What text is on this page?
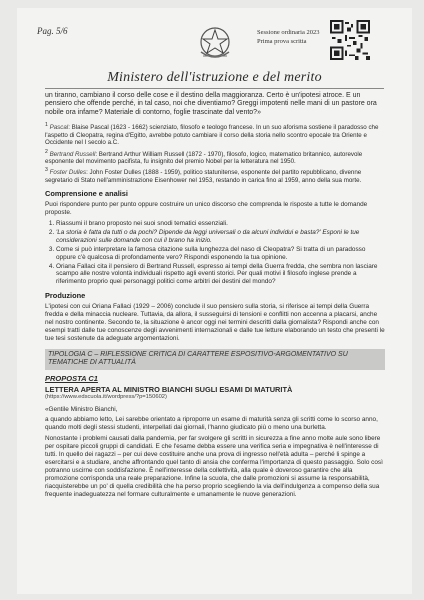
Pag. 5/6	Sessione ordinaria 2023
Prima prova scritta
Ministero dell'istruzione e del merito

un tiranno, cambiano il corso delle cose e il destino della maggioranza. Certo è un'ipotesi atroce. E un pensiero che offende perché, in tal caso, noi che diventiamo? Greggi impotenti nelle mani di un pastore ora nobile ora infame? Materiale di contorno, foglie trascinate dal vento?»

$^1$ Pascal: Blaise Pascal (1623 - 1662) scienziato, filosofo e teologo francese. In un suo aforisma sostiene il paradosso che l'aspetto di Cleopatra, regina d'Egitto, avrebbe potuto cambiare il corso della storia nello scontro epocale tra Oriente e Occidente nel I secolo a.C.

$^2$ Bertrand Russell: Bertrand Arthur William Russell (1872 - 1970), filosofo, logico, matematico britannico, autorevole esponente del movimento pacifista, fu insignito del premio Nobel per la letteratura nel 1950.

$^3$ Foster Dulles: John Foster Dulles (1888 - 1959), politico statunitense, esponente del partito repubblicano, divenne segretario di Stato nell'amministrazione Eisenhower nel 1953, restando in carica fino al 1959, anno della sua morte.

Comprensione e analisi

Puoi rispondere punto per punto oppure costruire un unico discorso che comprenda le risposte a tutte le domande proposte.

1. Riassumi il brano proposto nei suoi snodi tematici essenziali.
2. 'La storia è fatta da tutti o da pochi? Dipende da leggi universali o da alcuni individui e basta?' Esponi le tue considerazioni sulle domande con cui il brano ha inizio.
3. Come si può interpretare la famosa citazione sulla lunghezza del naso di Cleopatra? Si tratta di un paradosso oppure c'è qualcosa di profondamente vero? Rispondi esponendo la tua opinione.
4. Oriana Fallaci cita il pensiero di Bertrand Russell, espresso ai tempi della Guerra fredda, che sembra non lasciare scampo alle nostre volontà individuali rispetto agli eventi storici. Per quali motivi il filosofo inglese prende a riferimento proprio quei personaggi politici come arbitri dei destini del mondo?

Produzione

L'ipotesi con cui Oriana Fallaci (1929 – 2006) conclude il suo pensiero sulla storia, si riferisce ai tempi della Guerra fredda e della minaccia nucleare. Tuttavia, da allora, il susseguirsi di tensioni e conflitti non accenna a placarsi, anche nel nostro continente. Secondo te, la situazione è ancor oggi nei termini descritti dalla giornalista? Rispondi anche con esempi tratti dalle tue conoscenze degli avvenimenti internazionali e dalle tue letture elaborando un testo che presenti le tue tesi sostenute da adeguate argomentazioni.

TIPOLOGIA C – RIFLESSIONE CRITICA DI CARATTERE ESPOSITIVO-ARGOMENTATIVO SU TEMATICHE DI ATTUALITÀ

PROPOSTA C1

LETTERA APERTA AL MINISTRO BIANCHI SUGLI ESAMI DI MATURITÀ

(https://www.edscuola.it/wordpress/?p=150602)

«Gentile Ministro Bianchi,

a quando abbiamo letto, Lei sarebbe orientato a riproporre un esame di maturità senza gli scritti come lo scorso anno, quando molti degli stessi studenti, interpellati dai giornali, l'hanno giudicato più o meno una burletta.

Nonostante i problemi causati dalla pandemia, per far svolgere gli scritti in sicurezza a fine anno molte aule sono libere per ospitare piccoli gruppi di candidati. E che l'esame debba essere una verifica seria e impegnativa è nell'interesse di tutti. In quello dei ragazzi – per cui deve costituire anche una prova di ingresso nell'età adulta – perché li spinge a esercitarsi e a studiare, anche affrontando quel tanto di ansia che conferma l'importanza di questo passaggio. Solo così potranno uscirne con soddisfazione. È nell'interesse della collettività, alla quale è doveroso garantire che alla promozione corrisponda una reale preparazione. Infine la scuola, che dalle promozioni si assume la responsabilità, riacquisterebbe un po' di quella credibilità che ha perso proprio scegliendo la via dell'indulgenza a compenso della sua frequente inadeguatezza nel formare culturalmente e umanamente le nuove generazioni.
